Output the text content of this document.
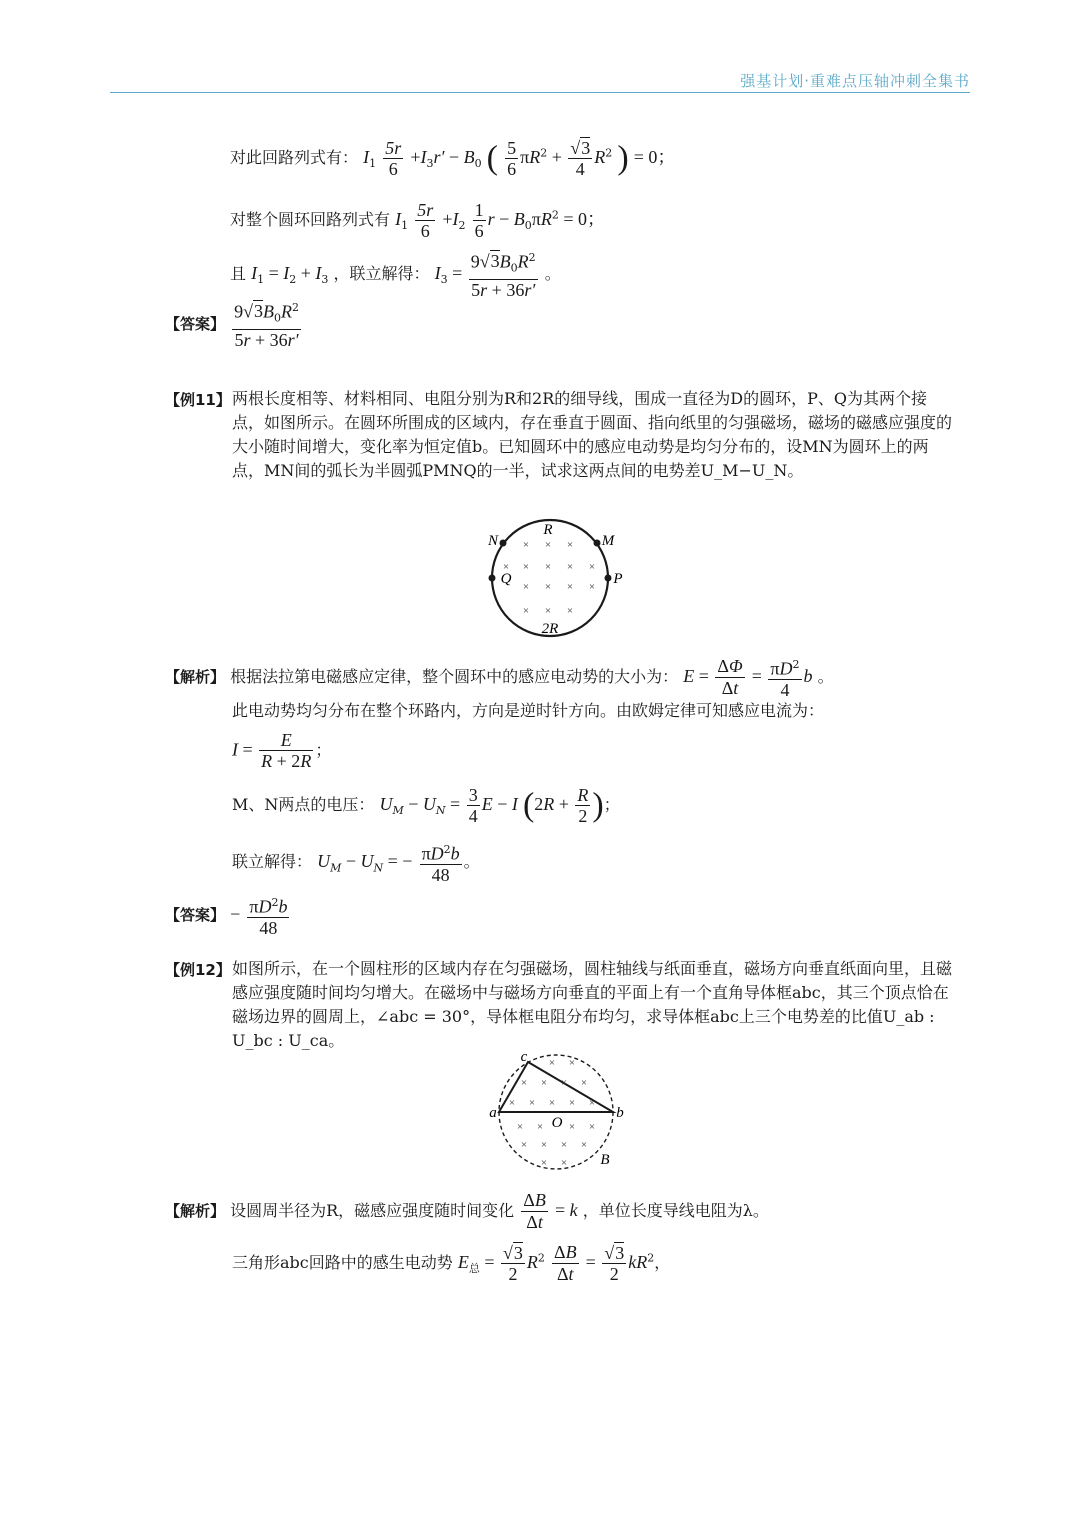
强基计划·重难点压轴冲刺全集书
对此回路列式有： $I_1 \frac{5r}{6} +I_3r' - B_0$ ( $\frac{5}{6} \pi R^2 + \frac{√3}{4} R^2$ ) = 0；
对整个圆环回路列式有 $I_1 \frac{5r}{6} +I_2 \frac{1}{6}$ $r - B_0\pi R^2 = 0$；
且 $I_1 = I_2 + I_3$ ，联立解得： $I_3 = \frac{9√3B_0R^2}{5r + 36r'}$ 。
【答案】 $\frac{9√3B_0R^2}{5r + 36r'}$
【例11】 两根长度相等、材料相同、电阻分别为R和2R的细导线，围成一直径为D的圆环，P、Q为其两个接点，如图所示。在圆环所围成的区域内，存在垂直于圆面、指向纸里的匀强磁场，磁场的磁感应强度的大小随时间增大，变化率为恒定值b。已知圆环中的感应电动势是均匀分布的，设MN为圆环上的两点，MN间的弧长为半圆弧PMNQ的一半，试求这两点间的电势差U_M−U_N。
× × ×
× × × × ×
× × × ×
× × ×
R
N	M
Q	P
2R
【解析】 根据法拉第电磁感应定律，整个圆环中的感应电动势的大小为： $E = \frac{\Delta\Phi}{\Delta t} = \frac{\pi D^2}{4}$ b 。
此电动势均匀分布在整个环路内，方向是逆时针方向。由欧姆定律可知感应电流为：
$I = \frac{E}{R + 2R}$ ；
M、N两点的电压： $U_M - U_N = \frac{3}{4}$ E − I ($2R + \frac{R}{2}$ )；
联立解得： $U_M - U_N$ = − $\frac{\pi D^2b}{48}$ 。
【答案】 − $\frac{\pi D^2b}{48}$
【例12】 如图所示，在一个圆柱形的区域内存在匀强磁场，圆柱轴线与纸面垂直，磁场方向垂直纸面向里，且磁感应强度随时间均匀增大。在磁场中与磁场方向垂直的平面上有一个直角导体框abc，其三个顶点恰在磁场边界的圆周上，∠abc = 30°，导体框电阻分布均匀，求导体框abc上三个电势差的比值U_ab : U_bc : U_ca。
× ×
× × × ×
× × × × ×
× × × ×
× × × ×
× ×
c
a	b
O
B
【解析】 设圆周半径为R，磁感应强度随时间变化 $\frac{\Delta B}{\Delta t} = k$ ，单位长度导线电阻为λ。
三角形abc回路中的感生电动势 $E_总 = \frac{√3}{2} R^2 \frac{\Delta B}{\Delta t} = \frac{√3}{2} kR^2$，
